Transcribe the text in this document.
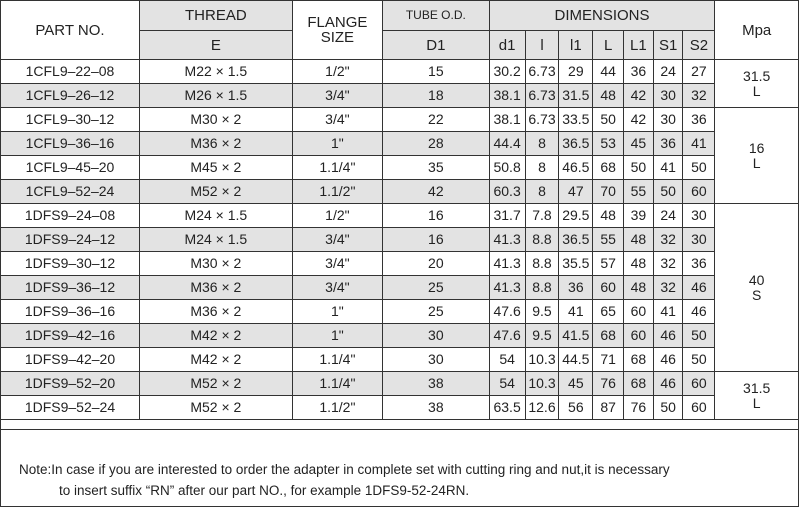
PART NO.	THREAD	FLANGE
SIZE	TUBE O.D.	DIMENSIONS							Mpa
	E		D1	d1	l	l1	L	L1	S1	S2	
1CFL9–22–08	M22 × 1.5	1/2"	15	30.2	6.73	29	44	36	24	27	31.5
L

1CFL9–26–12	M26 × 1.5	3/4"	18	38.1	6.73	31.5	48	42	30	32	
1CFL9–30–12	M30 × 2	3/4"	22	38.1	6.73	33.5	50	42	30	36	16
L

1CFL9–36–16	M36 × 2	1"	28	44.4	8	36.5	53	45	36	41	
1CFL9–45–20	M45 × 2	1.1/4"	35	50.8	8	46.5	68	50	41	50	
1CFL9–52–24	M52 × 2	1.1/2"	42	60.3	8	47	70	55	50	60	
1DFS9–24–08	M24 × 1.5	1/2"	16	31.7	7.8	29.5	48	39	24	30	40
S

1DFS9–24–12	M24 × 1.5	3/4"	16	41.3	8.8	36.5	55	48	32	30	
1DFS9–30–12	M30 × 2	3/4"	20	41.3	8.8	35.5	57	48	32	36	
1DFS9–36–12	M36 × 2	3/4"	25	41.3	8.8	36	60	48	32	46	
1DFS9–36–16	M36 × 2	1"	25	47.6	9.5	41	65	60	41	46	
1DFS9–42–16	M42 × 2	1"	30	47.6	9.5	41.5	68	60	46	50	
1DFS9–42–20	M42 × 2	1.1/4"	30	54	10.3	44.5	71	68	46	50	
1DFS9–52–20	M52 × 2	1.1/4"	38	54	10.3	45	76	68	46	60	31.5
L

1DFS9–52–24	M52 × 2	1.1/2"	38	63.5	12.6	56	87	76	50	60	
Note:In case if you are interested to order the adapter in complete set with cutting ring and nut,it is necessary
to insert suffix “RN” after our part NO., for example 1DFS9-52-24RN.
